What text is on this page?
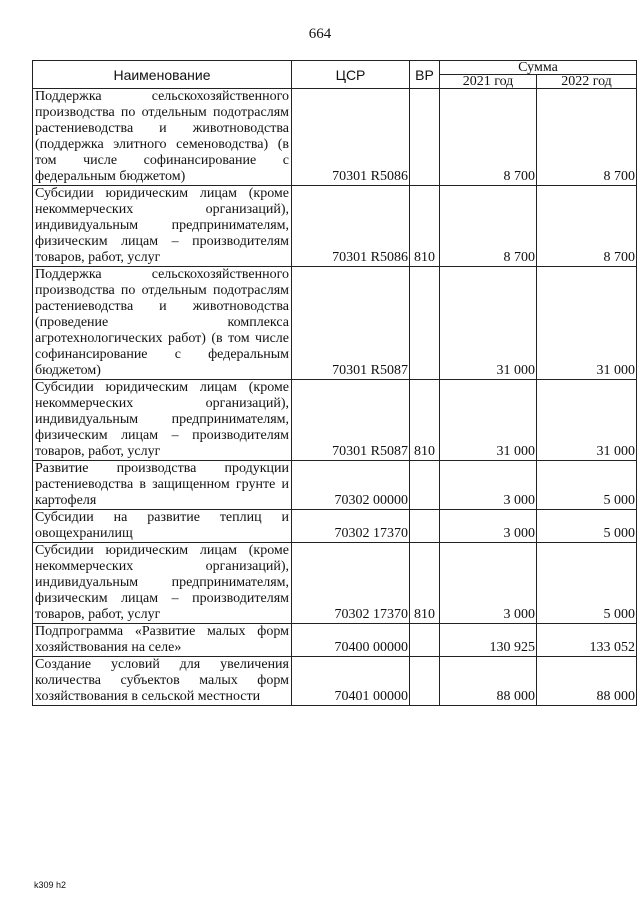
664
Наименование	ЦСР	ВР	Сумма	
			2021 год	2022 год
Поддержка сельскохозяйственного производства по отдельным подотраслям растениеводства и животноводства (поддержка элитного семеноводства) (в том числе софинансирование с федеральным бюджетом)	70301 R5086		8 700	8 700
Субсидии юридическим лицам (кроме некоммерческих организаций), индивидуальным предпринимателям, физическим лицам – производителям товаров, работ, услуг	70301 R5086	810	8 700	8 700
Поддержка сельскохозяйственного производства по отдельным подотраслям растениеводства и животноводства (проведение комплекса агротехнологических работ) (в том числе софинансирование с федеральным бюджетом)	70301 R5087		31 000	31 000
Субсидии юридическим лицам (кроме некоммерческих организаций), индивидуальным предпринимателям, физическим лицам – производителям товаров, работ, услуг	70301 R5087	810	31 000	31 000
Развитие производства продукции растениеводства в защищенном грунте и картофеля	70302 00000		3 000	5 000
Субсидии на развитие теплиц и овощехранилищ	70302 17370		3 000	5 000
Субсидии юридическим лицам (кроме некоммерческих организаций), индивидуальным предпринимателям, физическим лицам – производителям товаров, работ, услуг	70302 17370	810	3 000	5 000
Подпрограмма «Развитие малых форм хозяйствования на селе»	70400 00000		130 925	133 052
Создание условий для увеличения количества субъектов малых форм хозяйствования в сельской местности	70401 00000		88 000	88 000
k309 h2
